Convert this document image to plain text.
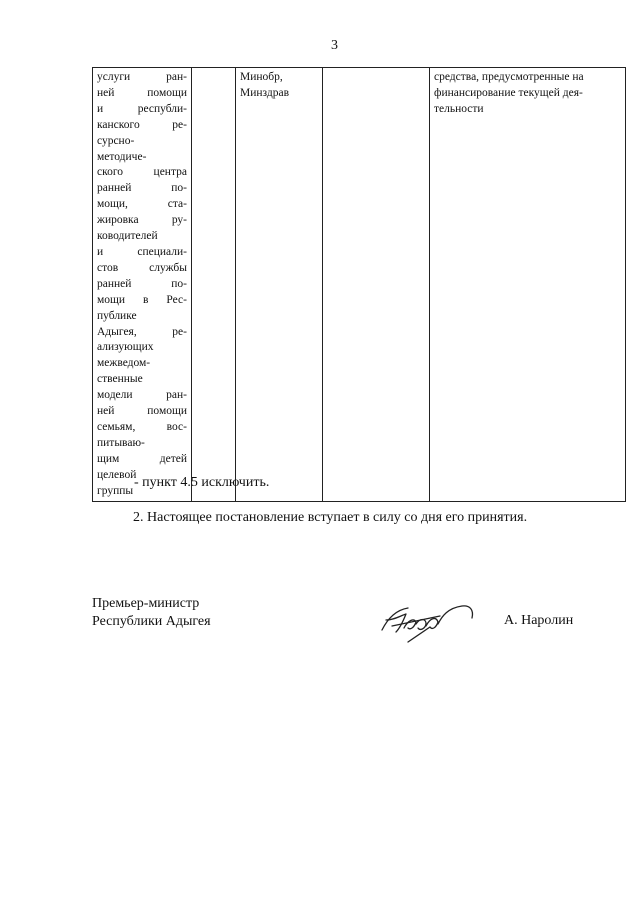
3
услуги ран-
ней помощи
и республи-
канского ре-
сурсно-
методиче-
ского центра
ранней по-
мощи, ста-
жировка ру-
ководителей
и специали-
стов службы
ранней по-
мощи в Рес-
публике
Адыгея, ре-
ализующих
межведом-
ственные
модели ран-
ней помощи
семьям, вос-
питываю-
щим детей
целевой
группы

Минобр,
Минздрав

средства, предусмотренные на
финансирование текущей дея-
тельности
- пункт 4.5 исключить.
2. Настоящее постановление вступает в силу со дня его принятия.
Премьер-министр
Республики Адыгея	А. Наролин
